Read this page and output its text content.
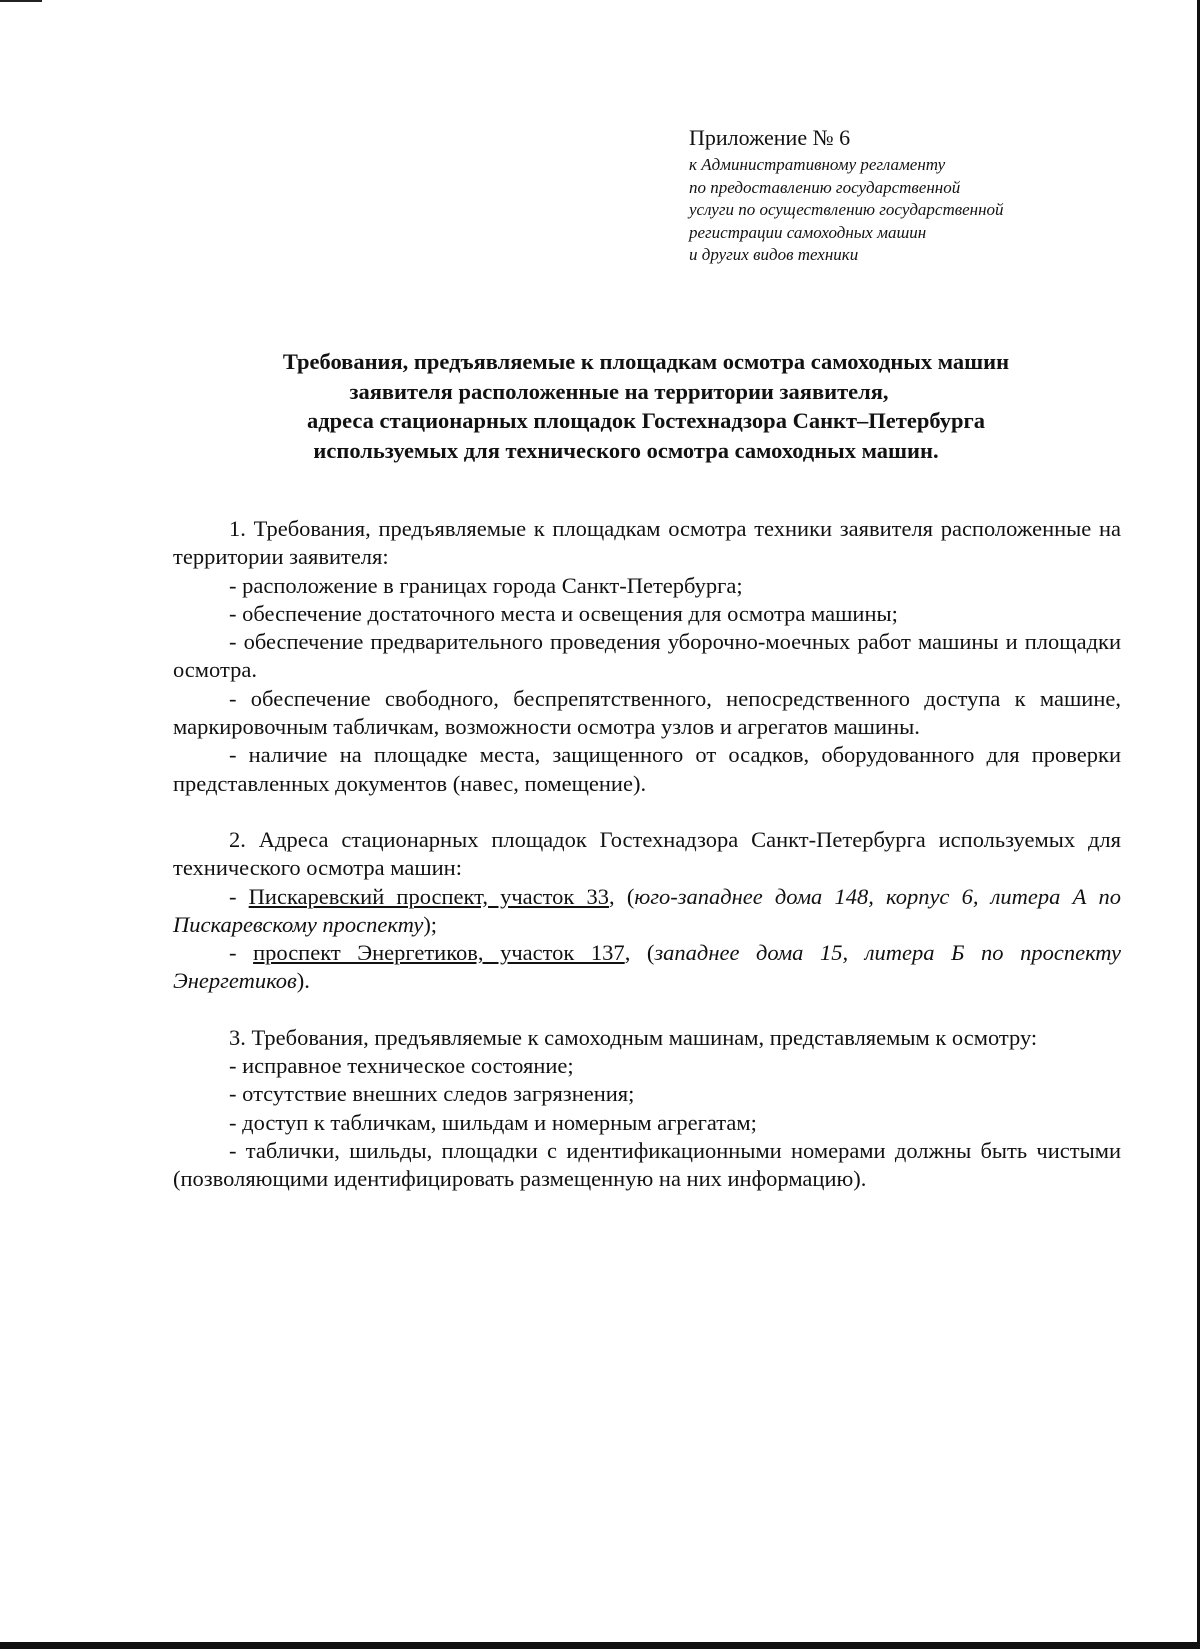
Приложение № 6

к Административному регламенту

по предоставлению государственной

услуги по осуществлению государственной

регистрации самоходных машин

и других видов техники

Требования, предъявляемые к площадкам осмотра самоходных машин
заявителя расположенные на территории заявителя,
адреса стационарных площадок Гостехнадзора Санкт–Петербурга
используемых для технического осмотра самоходных машин.

1. Требования, предъявляемые к площадкам осмотра техники заявителя расположенные на территории заявителя:

- расположение в границах города Санкт-Петербурга;

- обеспечение достаточного места и освещения для осмотра машины;

- обеспечение предварительного проведения уборочно-моечных работ машины и площадки осмотра.

- обеспечение свободного, беспрепятственного, непосредственного доступа к машине, маркировочным табличкам, возможности осмотра узлов и агрегатов машины.

- наличие на площадке места, защищенного от осадков, оборудованного для проверки представленных документов (навес, помещение).

2. Адреса стационарных площадок Гостехнадзора Санкт-Петербурга используемых для технического осмотра машин:

- Пискаревский проспект, участок 33, (юго-западнее дома 148, корпус 6, литера А по Пискаревскому проспекту);

- проспект Энергетиков, участок 137, (западнее дома 15, литера Б по проспекту Энергетиков).

3. Требования, предъявляемые к самоходным машинам, представляемым к осмотру:

- исправное техническое состояние;

- отсутствие внешних следов загрязнения;

- доступ к табличкам, шильдам и номерным агрегатам;

- таблички, шильды, площадки с идентификационными номерами должны быть чистыми (позволяющими идентифицировать размещенную на них информацию).
